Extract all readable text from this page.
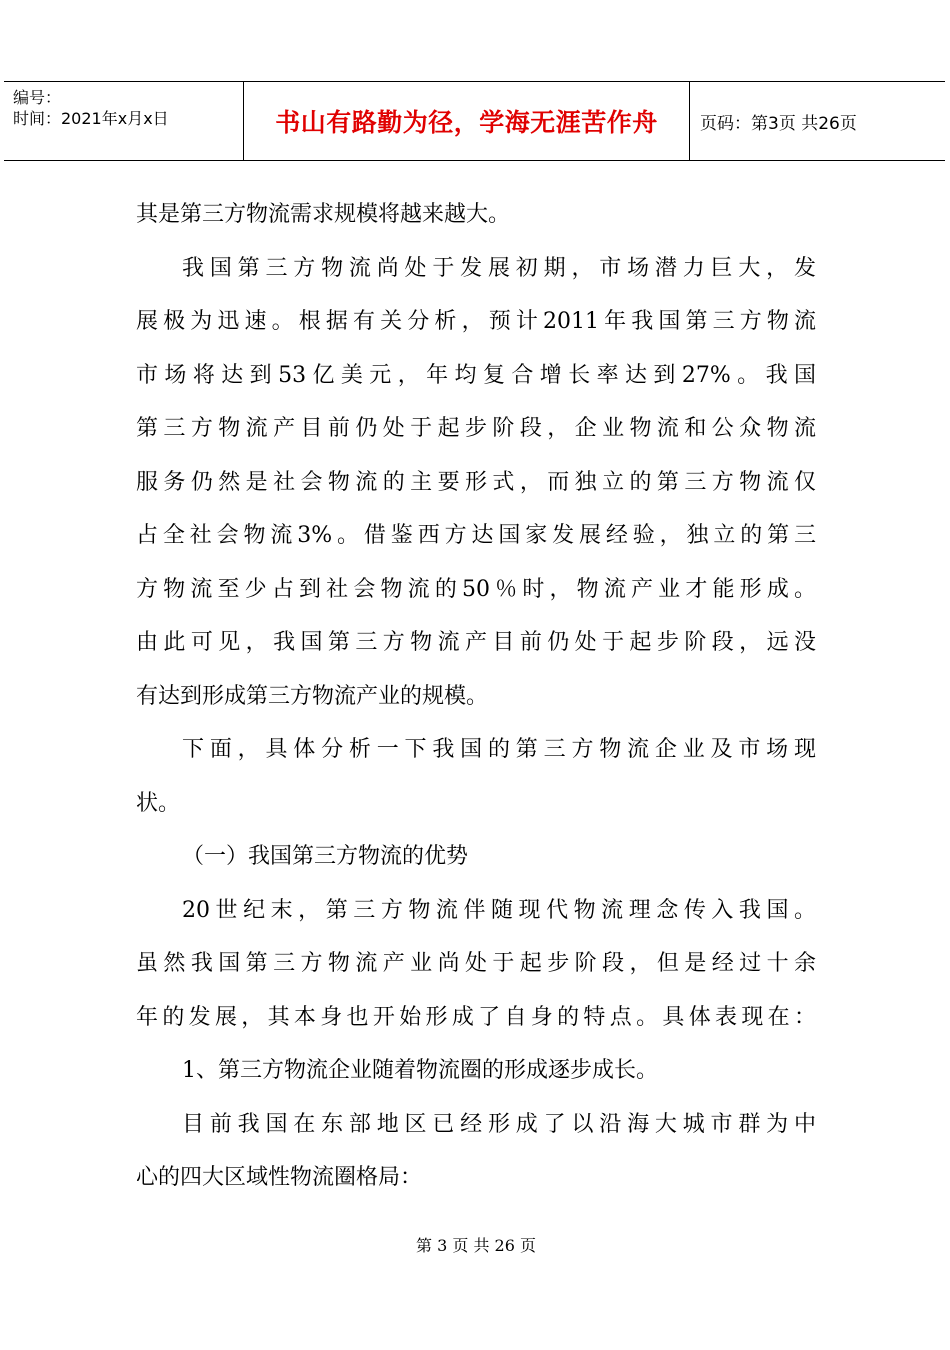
编号：
时间：2021年x月x日	书山有路勤为径，学海无涯苦作舟 页码：第3页 共26页
其是第三方物流需求规模将越来越大。
我国第三方物流尚处于发展初期，市场潜力巨大，发
展极为迅速。根据有关分析，预计2011年我国第三方物流
市场将达到53亿美元，年均复合增长率达到27%。我国
第三方物流产目前仍处于起步阶段，企业物流和公众物流
服务仍然是社会物流的主要形式，而独立的第三方物流仅
占全社会物流3%。借鉴西方达国家发展经验，独立的第三
方物流至少占到社会物流的50％时，物流产业才能形成。
由此可见，我国第三方物流产目前仍处于起步阶段，远没
有达到形成第三方物流产业的规模。
下面，具体分析一下我国的第三方物流企业及市场现
状。
（一）我国第三方物流的优势
20世纪末，第三方物流伴随现代物流理念传入我国。
虽然我国第三方物流产业尚处于起步阶段，但是经过十余
年的发展，其本身也开始形成了自身的特点。具体表现在：
1、第三方物流企业随着物流圈的形成逐步成长。
目前我国在东部地区已经形成了以沿海大城市群为中
心的四大区域性物流圈格局：
第 3 页 共 26 页
